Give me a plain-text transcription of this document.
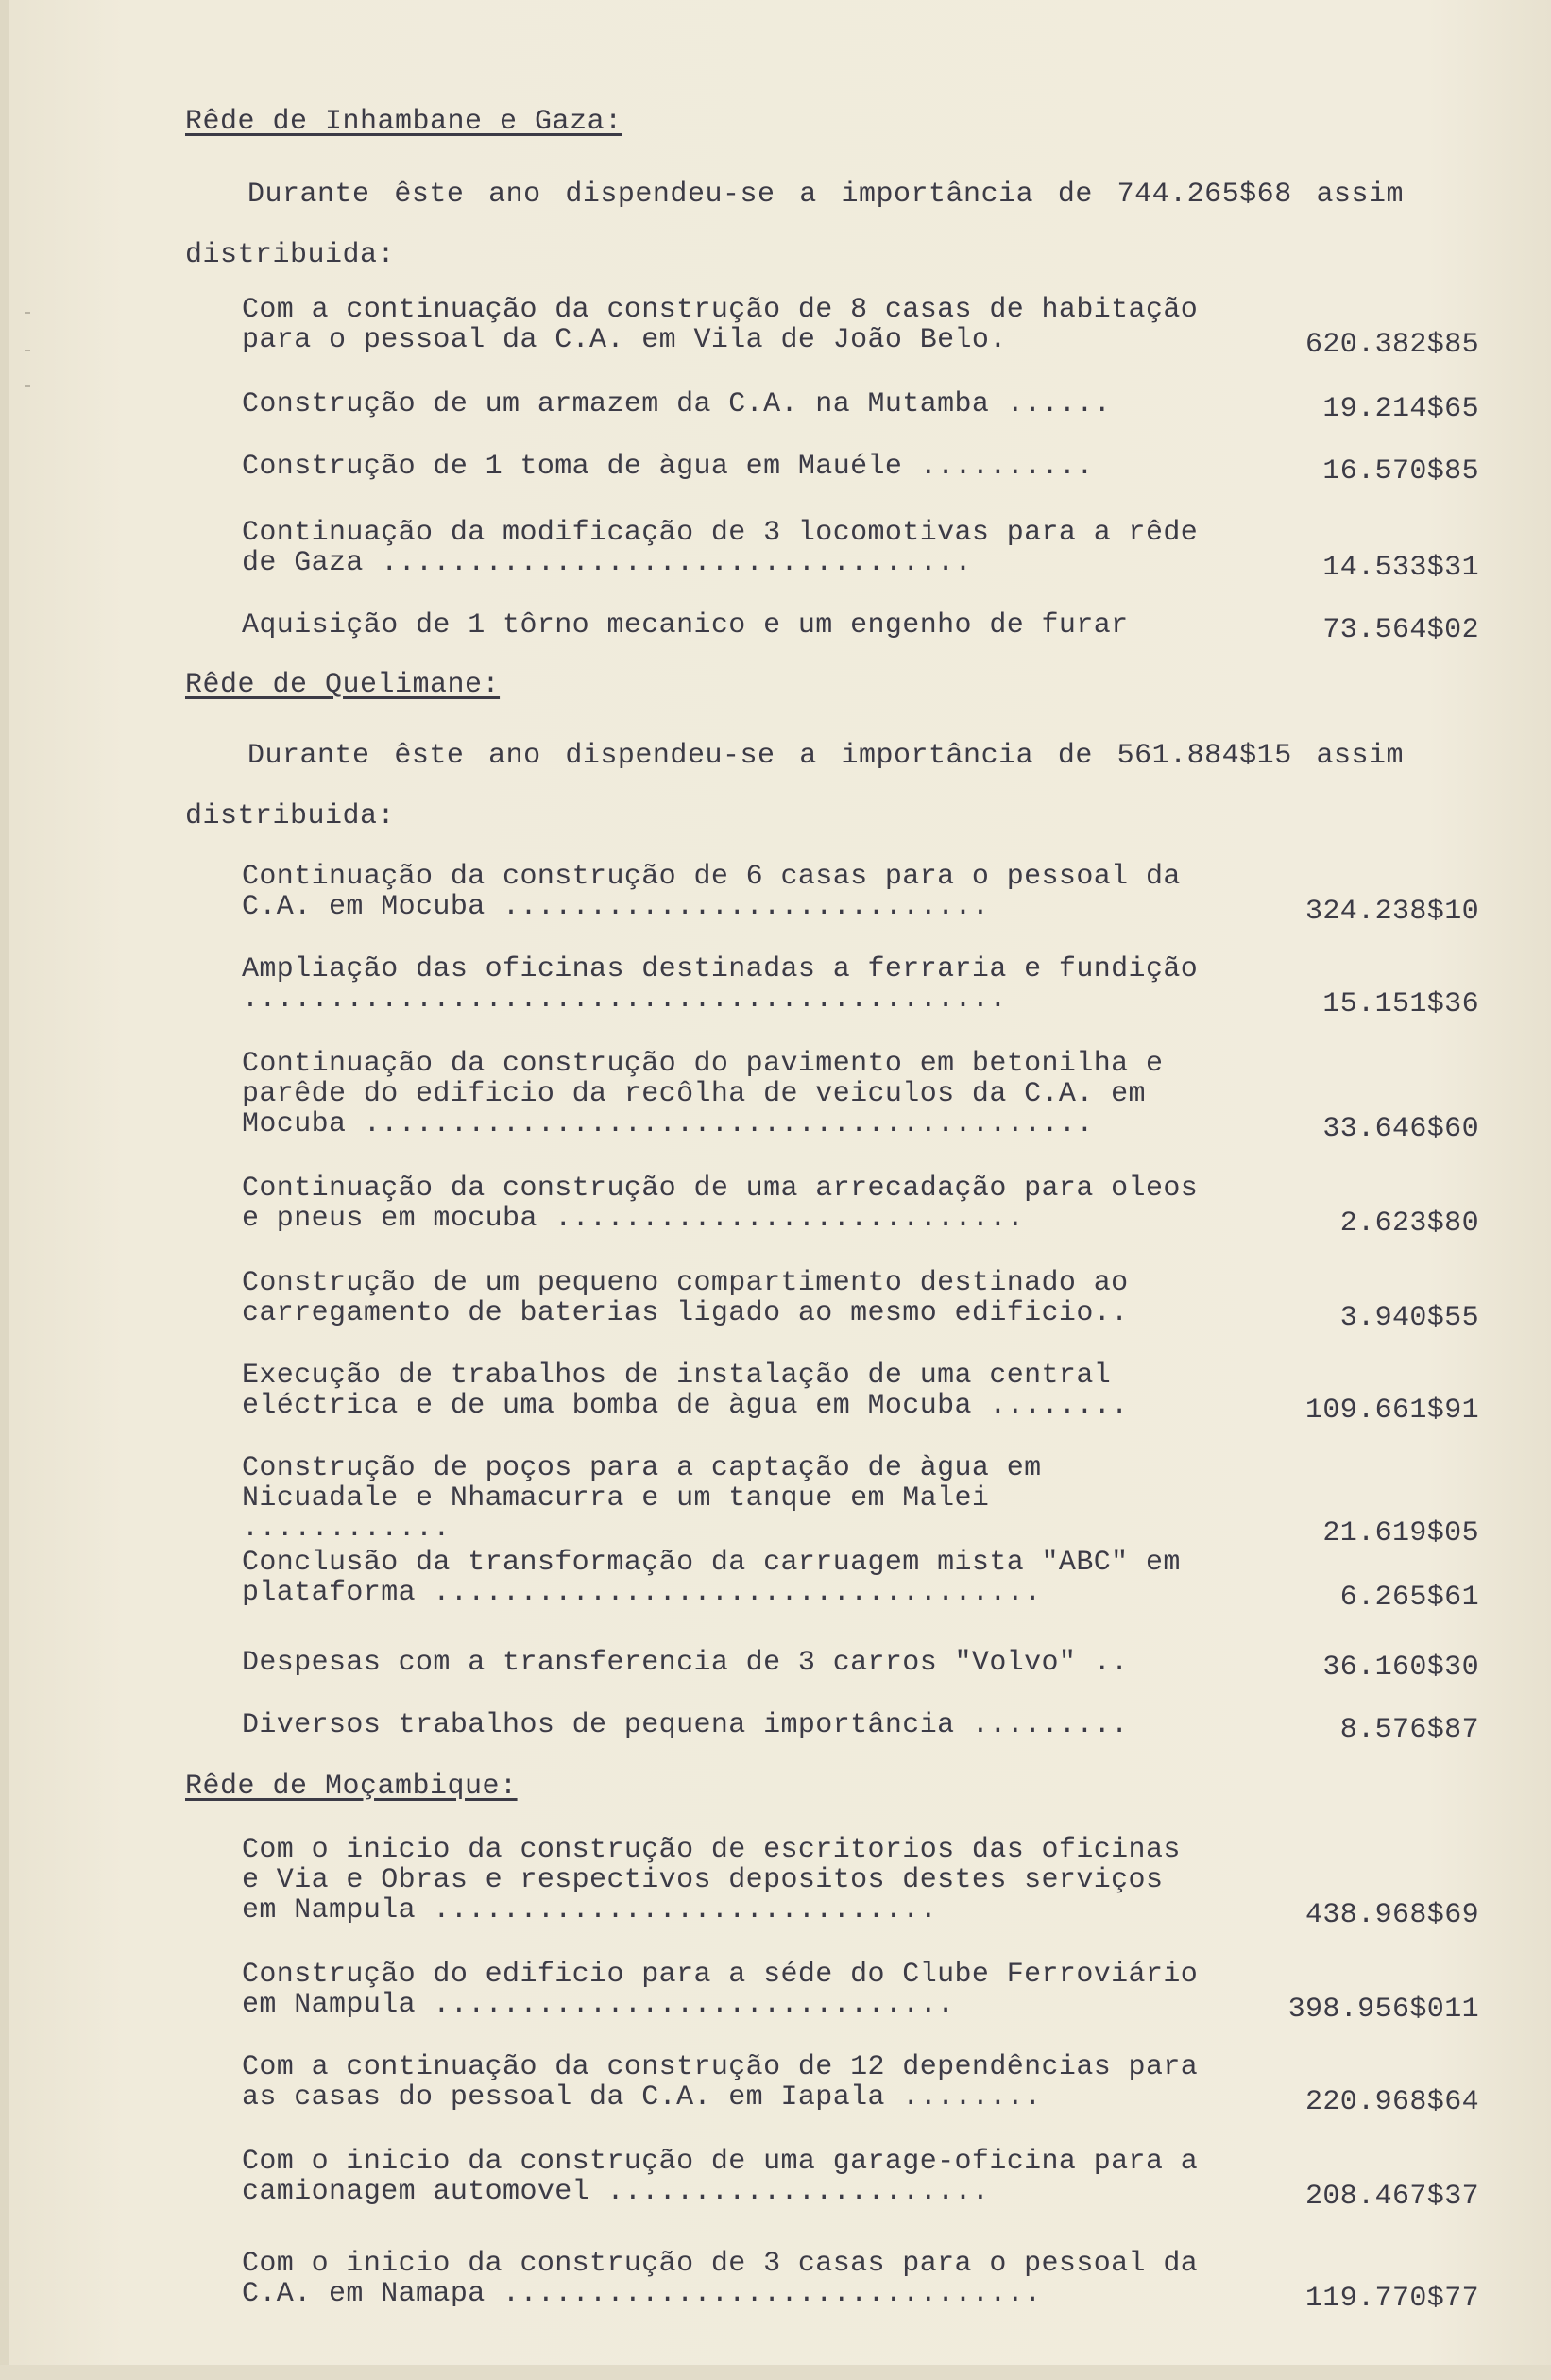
Rêde de Inhambane e Gaza:
Durante êste ano dispendeu-se a importância de 744.265$68 assim distribuida:
Com a continuação da construção de 8 casas de habitação para o pessoal da C.A. em Vila de João Belo.	620.382$85
Construção de um armazem da C.A. na Mutamba ......	19.214$65
Construção de 1 toma de àgua em Mauéle ..........	16.570$85
Continuação da modificação de 3 locomotivas para a rêde de Gaza ..................................	14.533$31
Aquisição de 1 tôrno mecanico e um engenho de furar	73.564$02
Rêde de Quelimane:
Durante êste ano dispendeu-se a importância de 561.884$15 assim distribuida:
Continuação da construção de 6 casas para o pessoal da C.A. em Mocuba ............................	324.238$10
Ampliação das oficinas destinadas a ferraria e fundição ............................................	15.151$36
Continuação da construção do pavimento em betonilha e parêde do edificio da recôlha de veiculos da C.A. em Mocuba ..........................................	33.646$60
Continuação da construção de uma arrecadação para oleos e pneus em mocuba ...........................	2.623$80
Construção de um pequeno compartimento destinado ao carregamento de baterias ligado ao mesmo edificio..	3.940$55
Execução de trabalhos de instalação de uma central eléctrica e de uma bomba de àgua em Mocuba ........	109.661$91
Construção de poços para a captação de àgua em Nicuadale e Nhamacurra e um tanque em Malei ............	21.619$05
Conclusão da transformação da carruagem mista "ABC" em plataforma ...................................	6.265$61
Despesas com a transferencia de 3 carros "Volvo" ..	36.160$30
Diversos trabalhos de pequena importância .........	8.576$87
Rêde de Moçambique:
Com o inicio da construção de escritorios das oficinas e Via e Obras e respectivos depositos destes serviços em Nampula .............................	438.968$69
Construção do edificio para a séde do Clube Ferroviário em Nampula ..............................	398.956$011
Com a continuação da construção de 12 dependências para as casas do pessoal da C.A. em Iapala ........	220.968$64
Com o inicio da construção de uma garage-oficina para a camionagem automovel ......................	208.467$37
Com o inicio da construção de 3 casas para o pessoal da C.A. em Namapa ...............................	119.770$77
